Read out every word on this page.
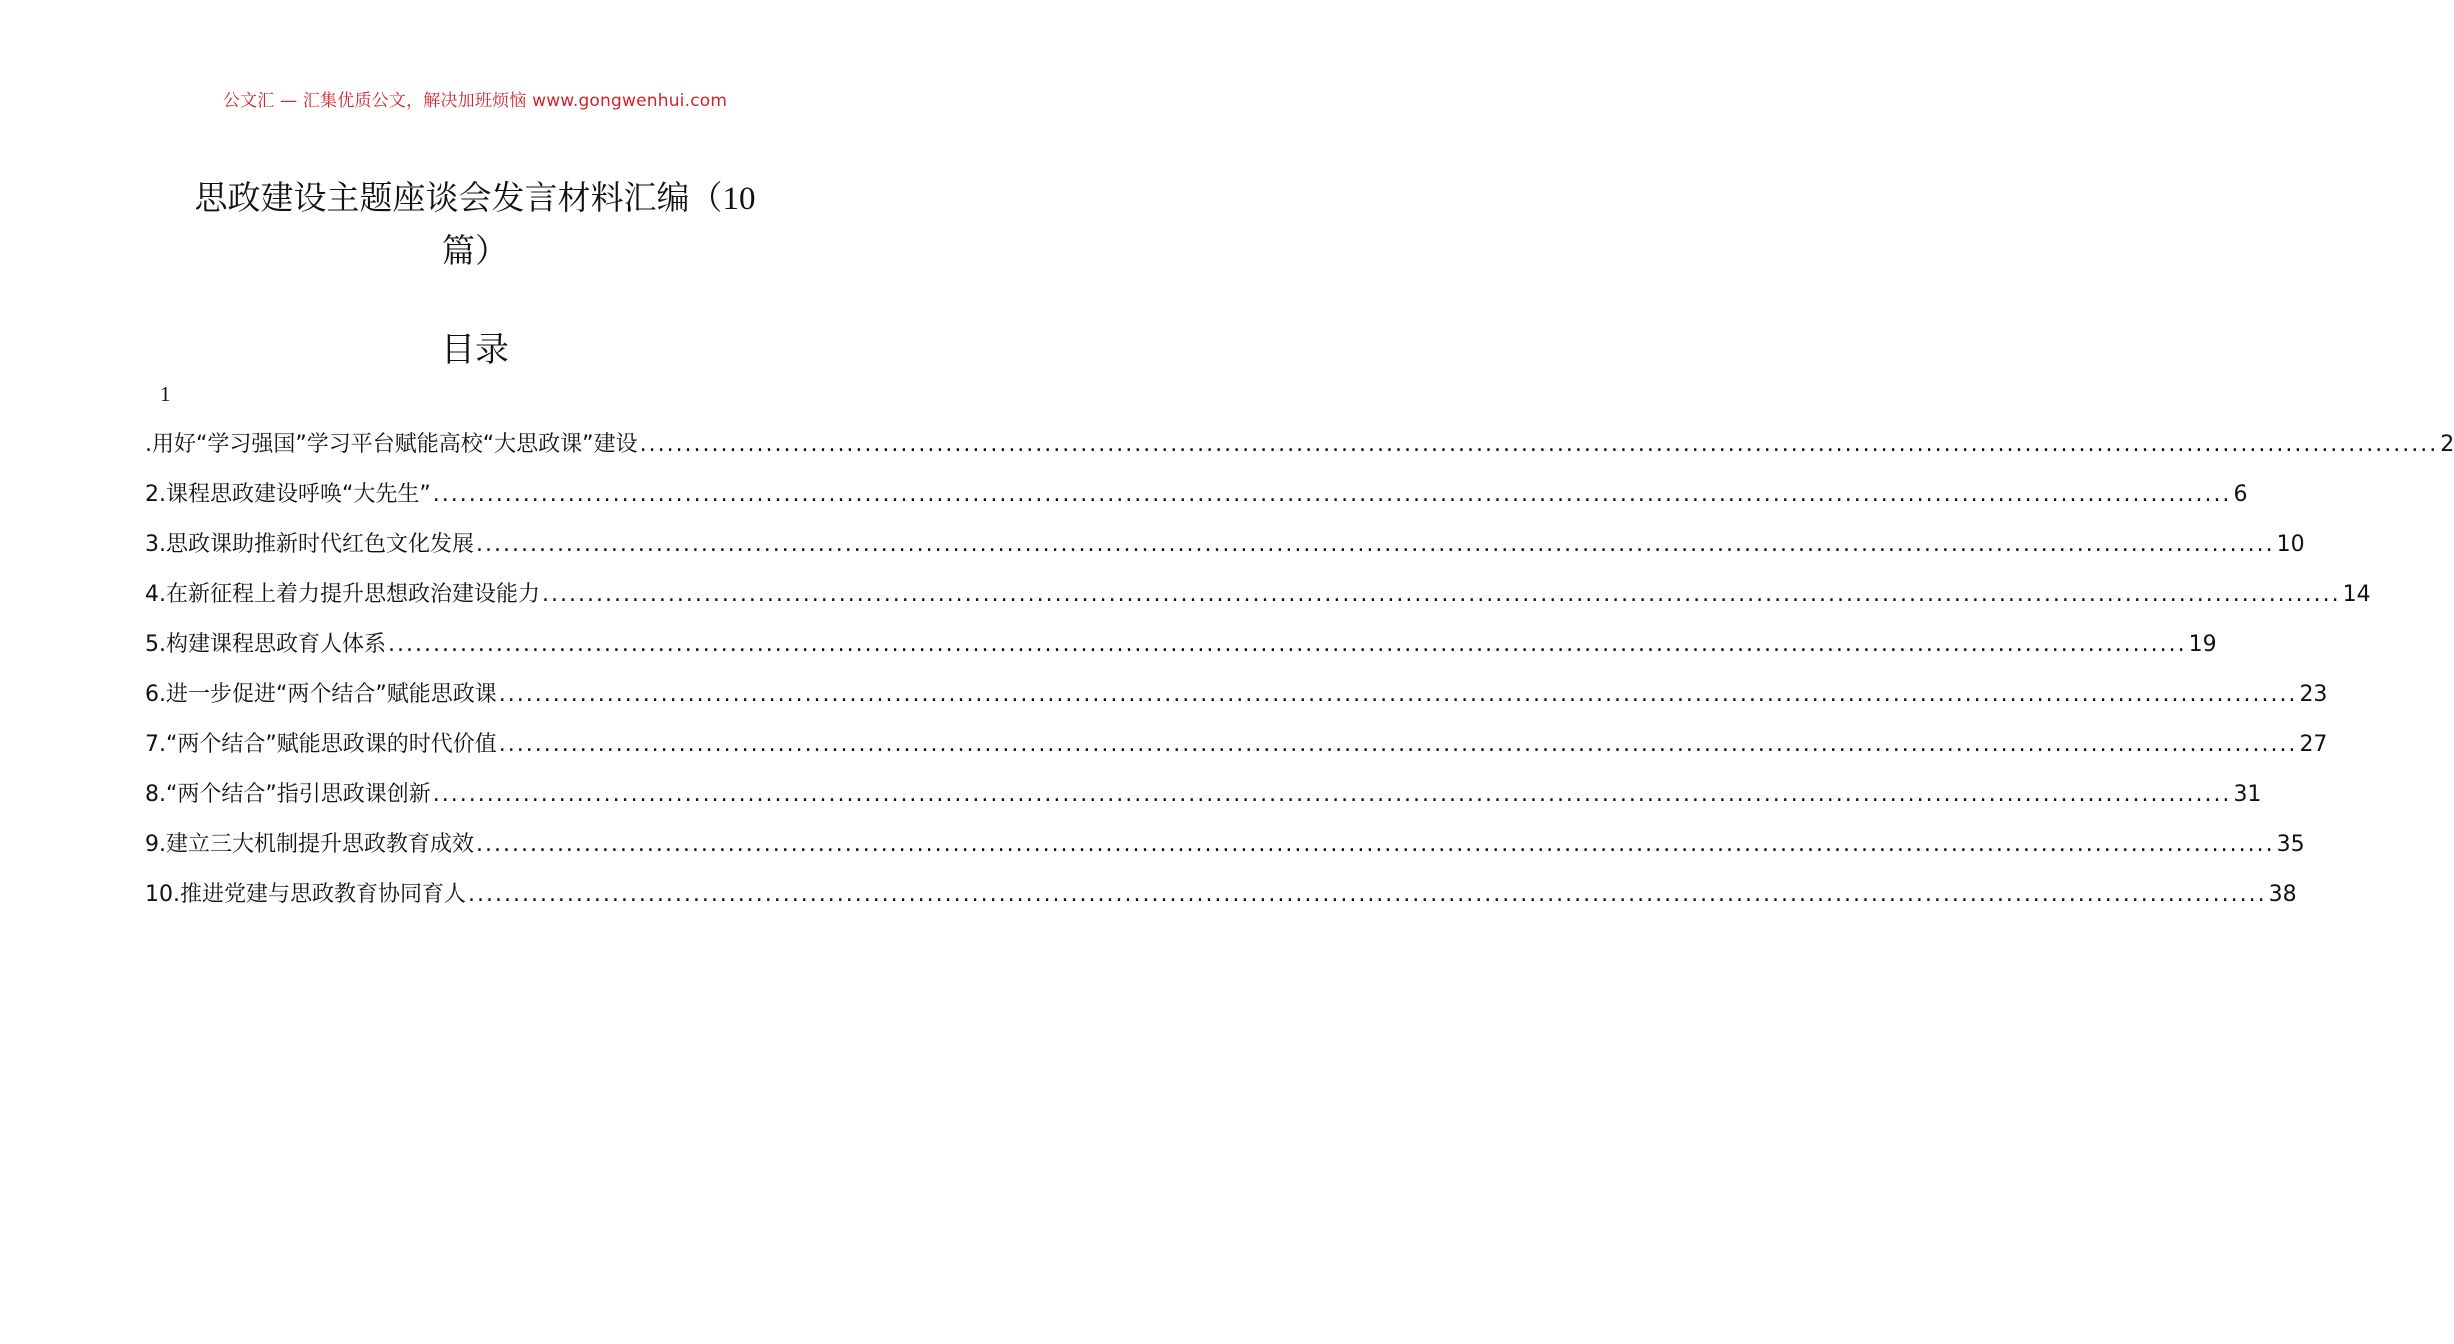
公文汇 — 汇集优质公文，解决加班烦恼 www.gongwenhui.com
思政建设主题座谈会发言材料汇编（10
篇）
目录
1
.用好“学习强国”学习平台赋能高校“大思政课”建设 ........................................................................................................................................................................................................ 2
2.课程思政建设呼唤“大先生” ........................................................................................................................................................................................................ 6
3.思政课助推新时代红色文化发展 ........................................................................................................................................................................................................ 10
4.在新征程上着力提升思想政治建设能力 ........................................................................................................................................................................................................ 14
5.构建课程思政育人体系 ........................................................................................................................................................................................................ 19
6.进一步促进“两个结合”赋能思政课 ........................................................................................................................................................................................................ 23
7.“两个结合”赋能思政课的时代价值 ........................................................................................................................................................................................................ 27
8.“两个结合”指引思政课创新 ........................................................................................................................................................................................................ 31
9.建立三大机制提升思政教育成效 ........................................................................................................................................................................................................ 35
10.推进党建与思政教育协同育人 ........................................................................................................................................................................................................ 38
